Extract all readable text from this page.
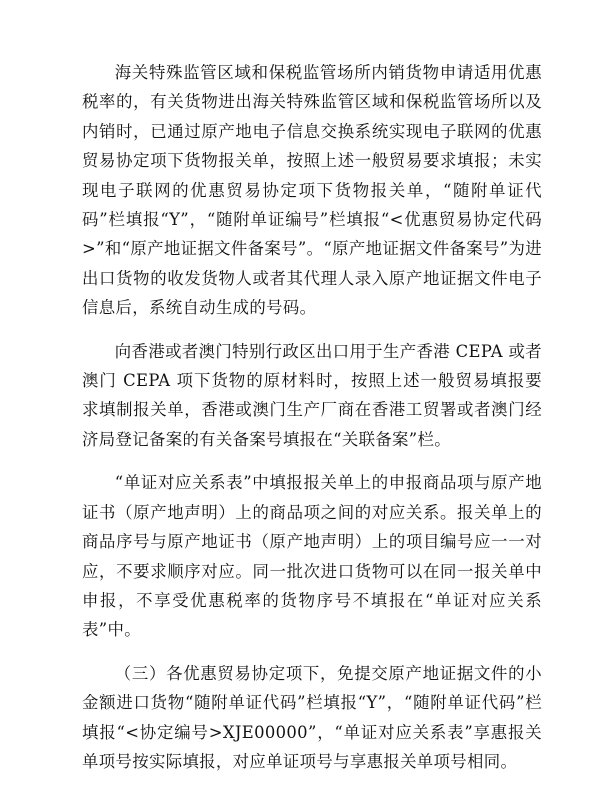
海关特殊监管区域和保税监管场所内销货物申请适用优惠税率的，有关货物进出海关特殊监管区域和保税监管场所以及内销时，已通过原产地电子信息交换系统实现电子联网的优惠贸易协定项下货物报关单，按照上述一般贸易要求填报；未实现电子联网的优惠贸易协定项下货物报关单，“随附单证代码”栏填报“Y”，“随附单证编号”栏填报“<优惠贸易协定代码>”和“原产地证据文件备案号”。“原产地证据文件备案号”为进出口货物的收发货物人或者其代理人录入原产地证据文件电子信息后，系统自动生成的号码。

向香港或者澳门特别行政区出口用于生产香港 CEPA 或者澳门 CEPA 项下货物的原材料时，按照上述一般贸易填报要求填制报关单，香港或澳门生产厂商在香港工贸署或者澳门经济局登记备案的有关备案号填报在“关联备案”栏。

“单证对应关系表”中填报报关单上的申报商品项与原产地证书（原产地声明）上的商品项之间的对应关系。报关单上的商品序号与原产地证书（原产地声明）上的项目编号应一一对应，不要求顺序对应。同一批次进口货物可以在同一报关单中申报，不享受优惠税率的货物序号不填报在“单证对应关系表”中。

（三）各优惠贸易协定项下，免提交原产地证据文件的小金额进口货物“随附单证代码”栏填报“Y”，“随附单证代码”栏填报“<协定编号>XJE00000”，“单证对应关系表”享惠报关单项号按实际填报，对应单证项号与享惠报关单项号相同。
